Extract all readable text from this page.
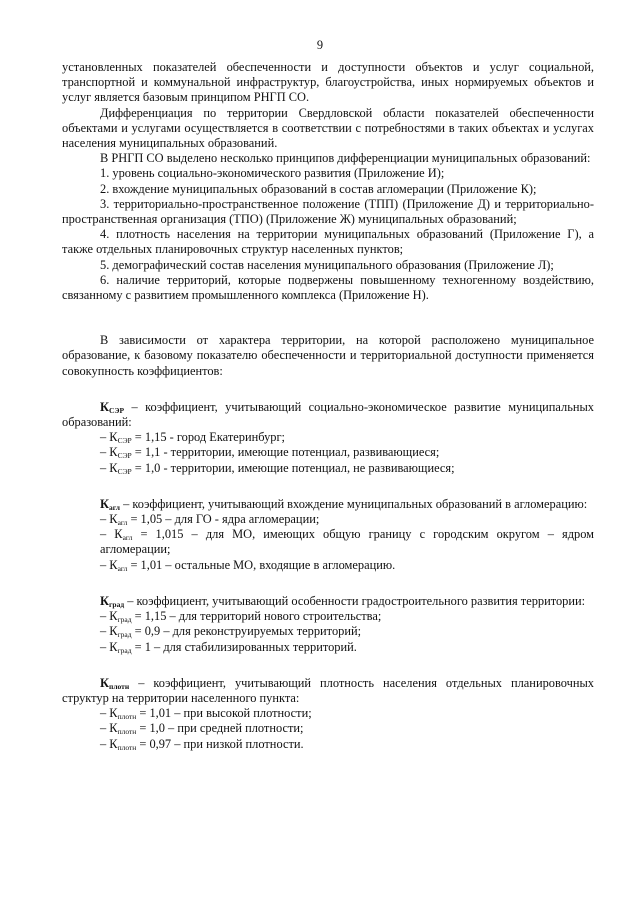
9

установленных показателей обеспеченности и доступности объектов и услуг социальной, транспортной и коммунальной инфраструктур, благоустройства, иных нормируемых объектов и услуг является базовым принципом РНГП СО.

Дифференциация по территории Свердловской области показателей обеспеченности объектами и услугами осуществляется в соответствии с потребностями в таких объектах и услугах населения муниципальных образований.

В РНГП СО выделено несколько принципов дифференциации муниципальных образований:

1. уровень социально-экономического развития (Приложение И);

2. вхождение муниципальных образований в состав агломерации (Приложение К);

3. территориально-пространственное положение (ТПП) (Приложение Д) и территориально-пространственная организация (ТПО) (Приложение Ж) муниципальных образований;

4. плотность населения на территории муниципальных образований (Приложение Г), а также отдельных планировочных структур населенных пунктов;

5. демографический состав населения муниципального образования (Приложение Л);

6. наличие территорий, которые подвержены повышенному техногенному воздействию, связанному с развитием промышленного комплекса (Приложение Н).

В зависимости от характера территории, на которой расположено муниципальное образование, к базовому показателю обеспеченности и территориальной доступности применяется совокупность коэффициентов:

$К_{СЭР}$ – коэффициент, учитывающий социально-экономическое развитие муниципальных образований:

– $К_{СЭР} = 1,15$ - город Екатеринбург;

– $К_{СЭР} = 1,1$ - территории, имеющие потенциал, развивающиеся;

– $К_{СЭР} = 1,0$ - территории, имеющие потенциал, не развивающиеся;

$К_{агл}$ – коэффициент, учитывающий вхождение муниципальных образований в агломерацию:

– $К_{агл} = 1,05$ – для ГО - ядра агломерации;

– $К_{агл} = 1,015$ – для МО, имеющих общую границу с городским округом – ядром агломерации;

– $К_{агл} = 1,01$ – остальные МО, входящие в агломерацию.

$К_{град}$ – коэффициент, учитывающий особенности градостроительного развития территории:

– $К_{град} = 1,15$ – для территорий нового строительства;

– $К_{град} = 0,9$ – для реконструируемых территорий;

– $К_{град} = 1$ – для стабилизированных территорий.

$К_{плотн}$ – коэффициент, учитывающий плотность населения отдельных планировочных структур на территории населенного пункта:

– $К_{плотн} = 1,01$ – при высокой плотности;

– $К_{плотн} = 1,0$ – при средней плотности;

– $К_{плотн} = 0,97$ – при низкой плотности.
